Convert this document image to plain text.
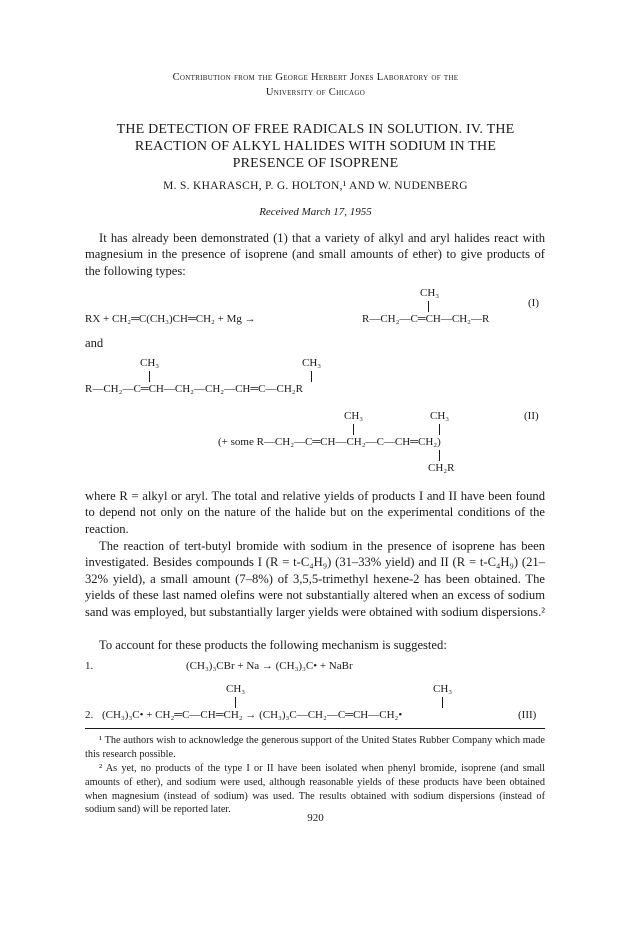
Contribution from the George Herbert Jones Laboratory of the
University of Chicago
THE DETECTION OF FREE RADICALS IN SOLUTION. IV. THE
REACTION OF ALKYL HALIDES WITH SODIUM IN THE
PRESENCE OF ISOPRENE
M. S. KHARASCH, P. G. HOLTON,¹ AND W. NUDENBERG
Received March 17, 1955
It has already been demonstrated (1) that a variety of alkyl and aryl halides react with magnesium in the presence of isoprene (and small amounts of ether) to give products of the following types:
CH₃
RX + CH₂═C(CH₃)CH═CH₂ + Mg →	R—CH₂—C═CH—CH₂—R
(I)
and
CH₃	CH₃
R—CH₂—C═CH—CH₂—CH₂—CH═C—CH₂R
CH₃	CH₃	(II)
(+ some R—CH₂—C═CH—CH₂—C—CH═CH₂)
CH₂R
where R = alkyl or aryl. The total and relative yields of products I and II have been found to depend not only on the nature of the halide but on the experimental conditions of the reaction.
The reaction of tert-butyl bromide with sodium in the presence of isoprene has been investigated. Besides compounds I (R = t-C₄H₉) (31–33% yield) and II (R = t-C₄H₉) (21–32% yield), a small amount (7–8%) of 3,5,5-trimethyl hexene-2 has been obtained. The yields of these last named olefins were not substantially altered when an excess of sodium sand was employed, but substantially larger yields were obtained with sodium dispersions.²
To account for these products the following mechanism is suggested:
1.	(CH₃)₃CBr + Na → (CH₃)₃C• + NaBr
CH₃	CH₃
2. (CH₃)₃C• + CH₂═C—CH═CH₂ → (CH₃)₃C—CH₂—C═CH—CH₂•	(III)
¹ The authors wish to acknowledge the generous support of the United States Rubber Company which made this research possible.
² As yet, no products of the type I or II have been isolated when phenyl bromide, isoprene (and small amounts of ether), and sodium were used, although reasonable yields of these products have been obtained when magnesium (instead of sodium) was used. The results obtained with sodium dispersions (instead of sodium sand) will be reported later.
920
